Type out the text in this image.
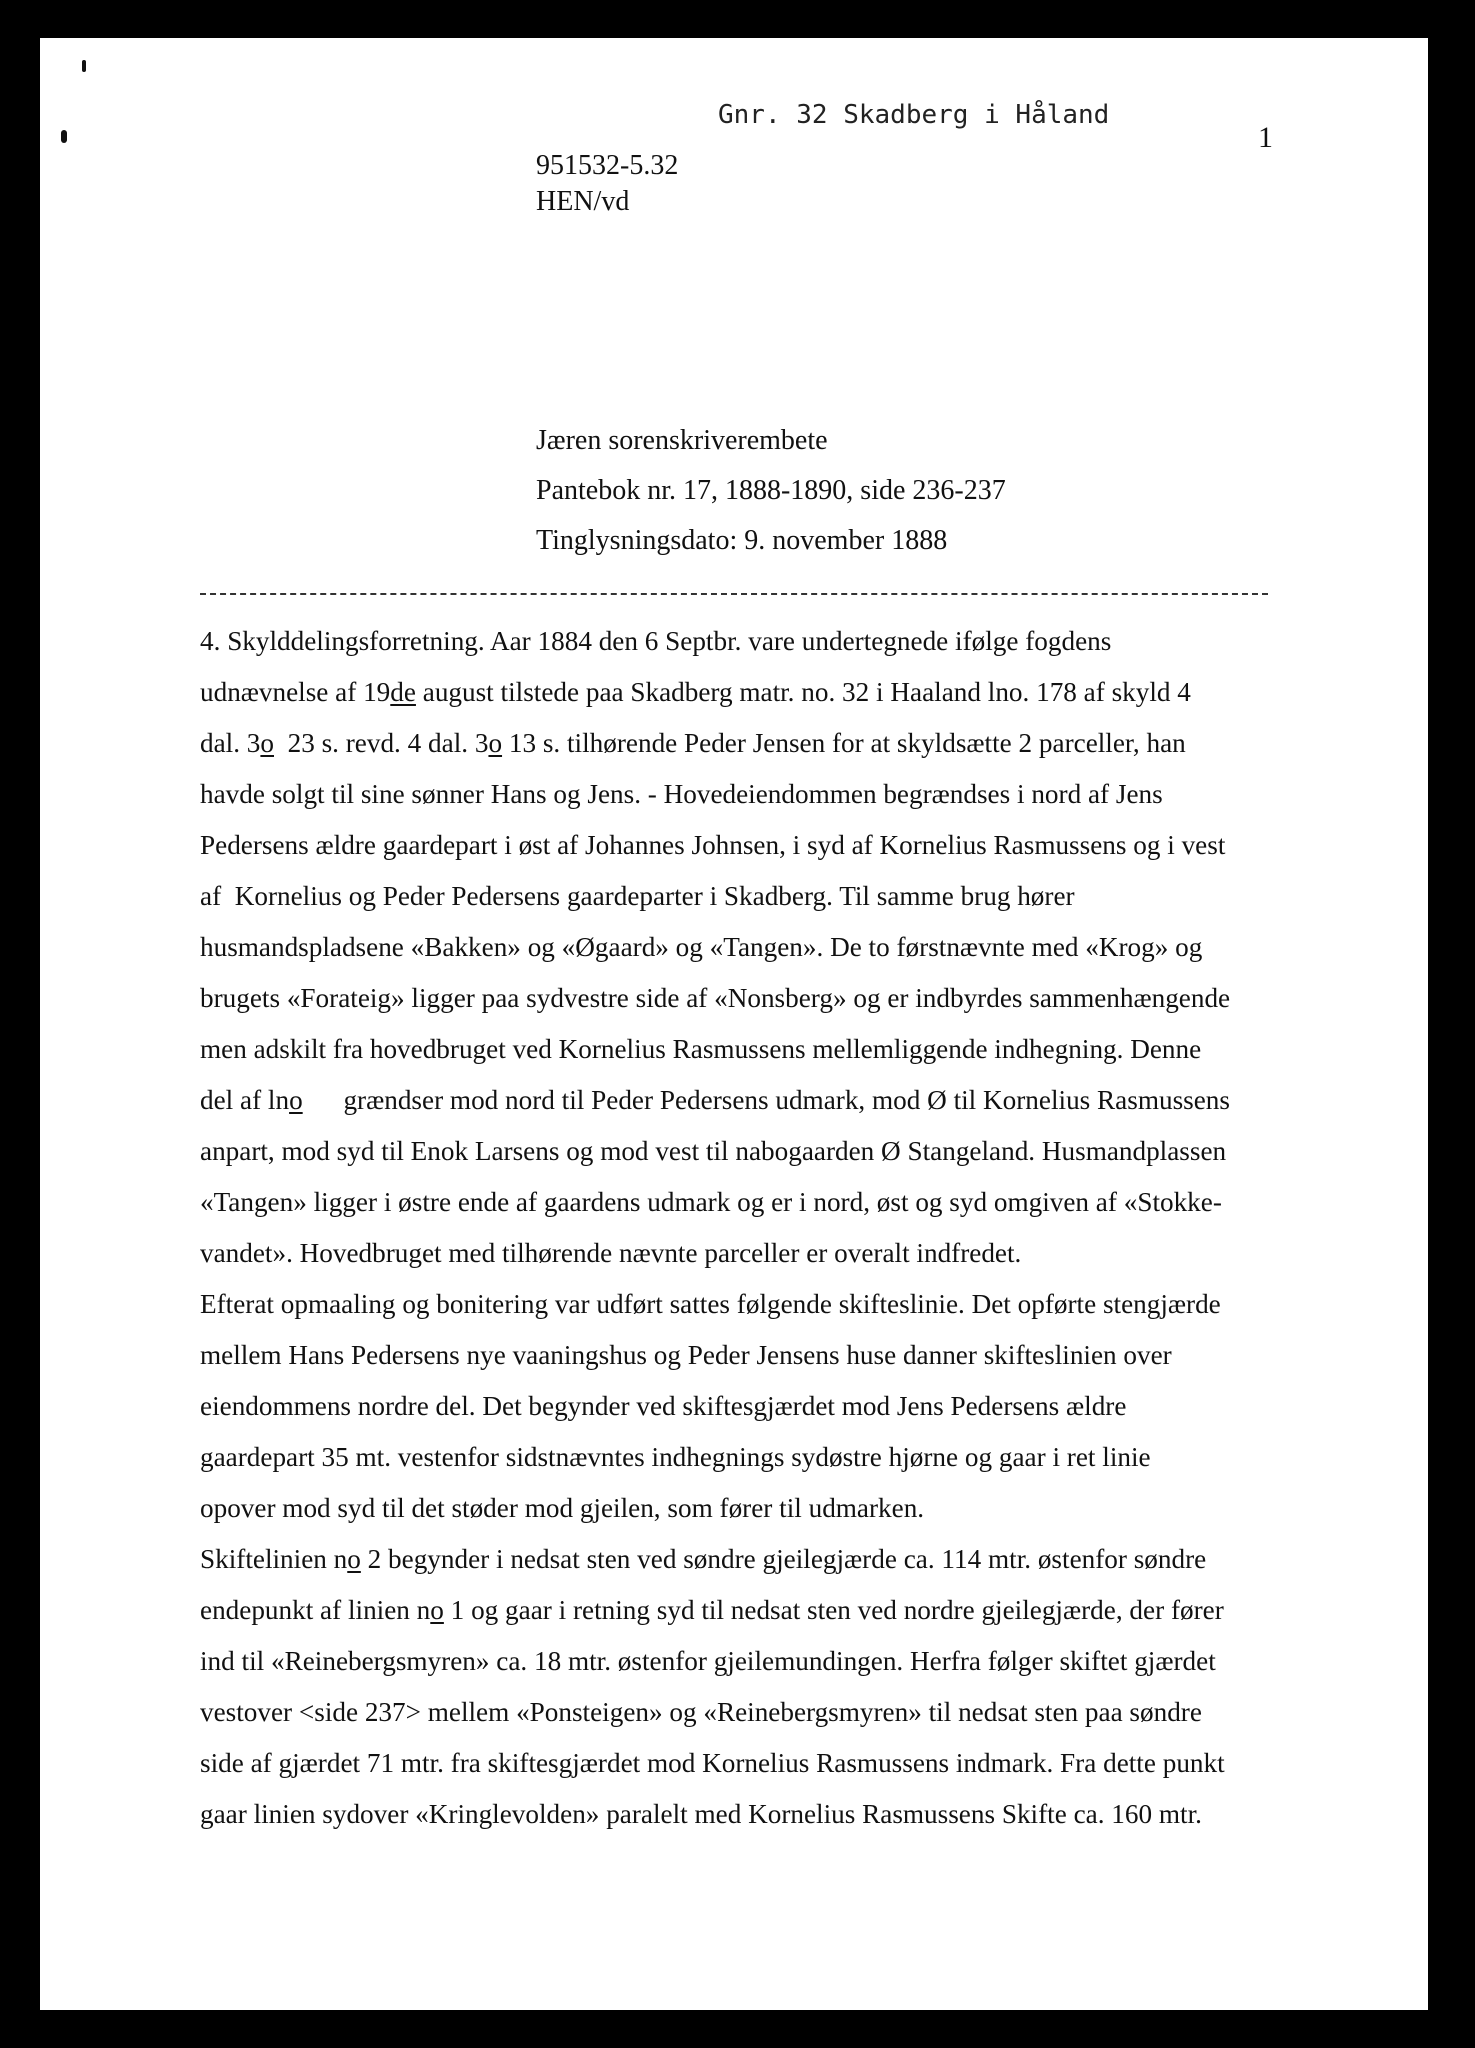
Gnr. 32 Skadberg i Håland
1
951532-5.32
HEN/vd
Jæren sorenskriverembete
Pantebok nr. 17, 1888-1890, side 236-237
Tinglysningsdato: 9. november 1888
4. Skylddelingsforretning. Aar 1884 den 6 Septbr. vare undertegnede ifølge fogdens
udnævnelse af 19de august tilstede paa Skadberg matr. no. 32 i Haaland lno. 178 af skyld 4
dal. 3o  23 s. revd. 4 dal. 3o 13 s. tilhørende Peder Jensen for at skyldsætte 2 parceller, han
havde solgt til sine sønner Hans og Jens. - Hovedeiendommen begrændses i nord af Jens
Pedersens ældre gaardepart i øst af Johannes Johnsen, i syd af Kornelius Rasmussens og i vest
af  Kornelius og Peder Pedersens gaardeparter i Skadberg. Til samme brug hører
husmandspladsene «Bakken» og «Øgaard» og «Tangen». De to førstnævnte med «Krog» og
brugets «Forateig» ligger paa sydvestre side af «Nonsberg» og er indbyrdes sammenhængende
men adskilt fra hovedbruget ved Kornelius Rasmussens mellemliggende indhegning. Denne
del af lno      grændser mod nord til Peder Pedersens udmark, mod Ø til Kornelius Rasmussens
anpart, mod syd til Enok Larsens og mod vest til nabogaarden Ø Stangeland. Husmandplassen
«Tangen» ligger i østre ende af gaardens udmark og er i nord, øst og syd omgiven af «Stokke-
vandet». Hovedbruget med tilhørende nævnte parceller er overalt indfredet.
Efterat opmaaling og bonitering var udført sattes følgende skifteslinie. Det opførte stengjærde
mellem Hans Pedersens nye vaaningshus og Peder Jensens huse danner skifteslinien over
eiendommens nordre del. Det begynder ved skiftesgjærdet mod Jens Pedersens ældre
gaardepart 35 mt. vestenfor sidstnævntes indhegnings sydøstre hjørne og gaar i ret linie
opover mod syd til det støder mod gjeilen, som fører til udmarken.
Skiftelinien no 2 begynder i nedsat sten ved søndre gjeilegjærde ca. 114 mtr. østenfor søndre
endepunkt af linien no 1 og gaar i retning syd til nedsat sten ved nordre gjeilegjærde, der fører
ind til «Reinebergsmyren» ca. 18 mtr. østenfor gjeilemundingen. Herfra følger skiftet gjærdet
vestover <side 237> mellem «Ponsteigen» og «Reinebergsmyren» til nedsat sten paa søndre
side af gjærdet 71 mtr. fra skiftesgjærdet mod Kornelius Rasmussens indmark. Fra dette punkt
gaar linien sydover «Kringlevolden» paralelt med Kornelius Rasmussens Skifte ca. 160 mtr.
